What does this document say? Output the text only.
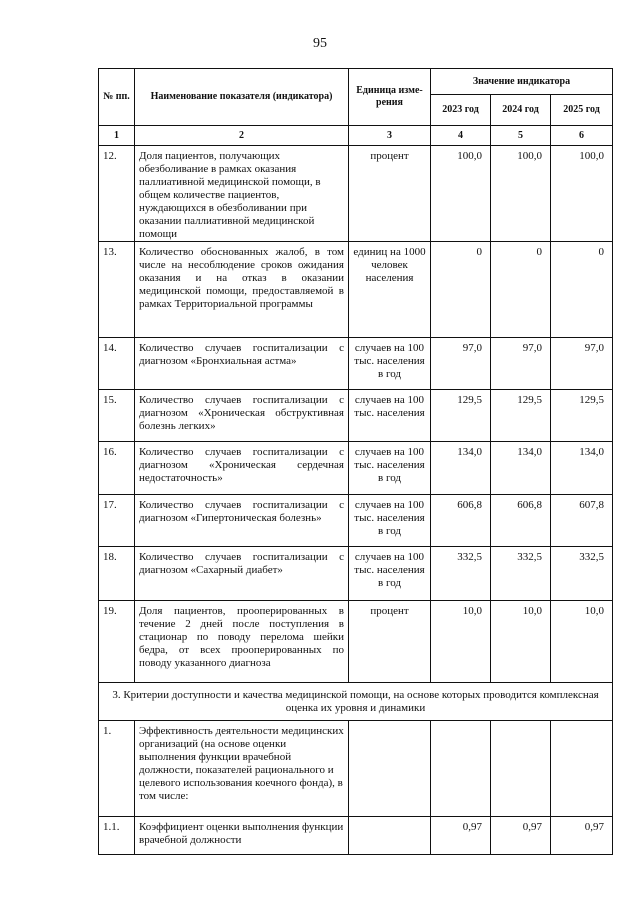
95
№ пп.	Наименование показателя (индикатора)	Единица изме-рения	Значение индикатора		
			2023 год	2024 год	2025 год
1	2	3	4	5	6
12.	Доля пациентов, получающих обезболивание в рамках оказания паллиативной медицинской помощи, в общем количестве пациентов, нуждающихся в обезболивании при оказании паллиативной медицинской помощи	процент	100,0	100,0	100,0
13.	Количество обоснованных жалоб, в том числе на несоблюдение сроков ожидания оказания и на отказ в оказании медицинской помощи, предоставляемой в рамках Территориальной программы	единиц на 1000 человек населения	0	0	0
14.	Количество случаев госпитализации с диагнозом «Бронхиальная астма»	случаев на 100 тыс. населения в год	97,0	97,0	97,0
15.	Количество случаев госпитализации с диагнозом «Хроническая обструктивная болезнь легких»	случаев на 100 тыс. населения	129,5	129,5	129,5
16.	Количество случаев госпитализации с диагнозом «Хроническая сердечная недостаточность»	случаев на 100 тыс. населения в год	134,0	134,0	134,0
17.	Количество случаев госпитализации с диагнозом «Гипертоническая болезнь»	случаев на 100 тыс. населения в год	606,8	606,8	607,8
18.	Количество случаев госпитализации с диагнозом «Сахарный диабет»	случаев на 100 тыс. населения в год	332,5	332,5	332,5
19.	Доля пациентов, прооперированных в течение 2 дней после поступления в стационар по поводу перелома шейки бедра, от всех прооперированных по поводу указанного диагноза	процент	10,0	10,0	10,0
3. Критерии доступности и качества медицинской помощи, на основе которых проводится комплексная оценка их уровня и динамики					
1.	Эффективность деятельности медицинских организаций (на основе оценки выполнения функции врачебной должности, показателей рационального и целевого использования коечного фонда), в том числе:				
1.1.	Коэффициент оценки выполнения функции врачебной должности		0,97	0,97	0,97
